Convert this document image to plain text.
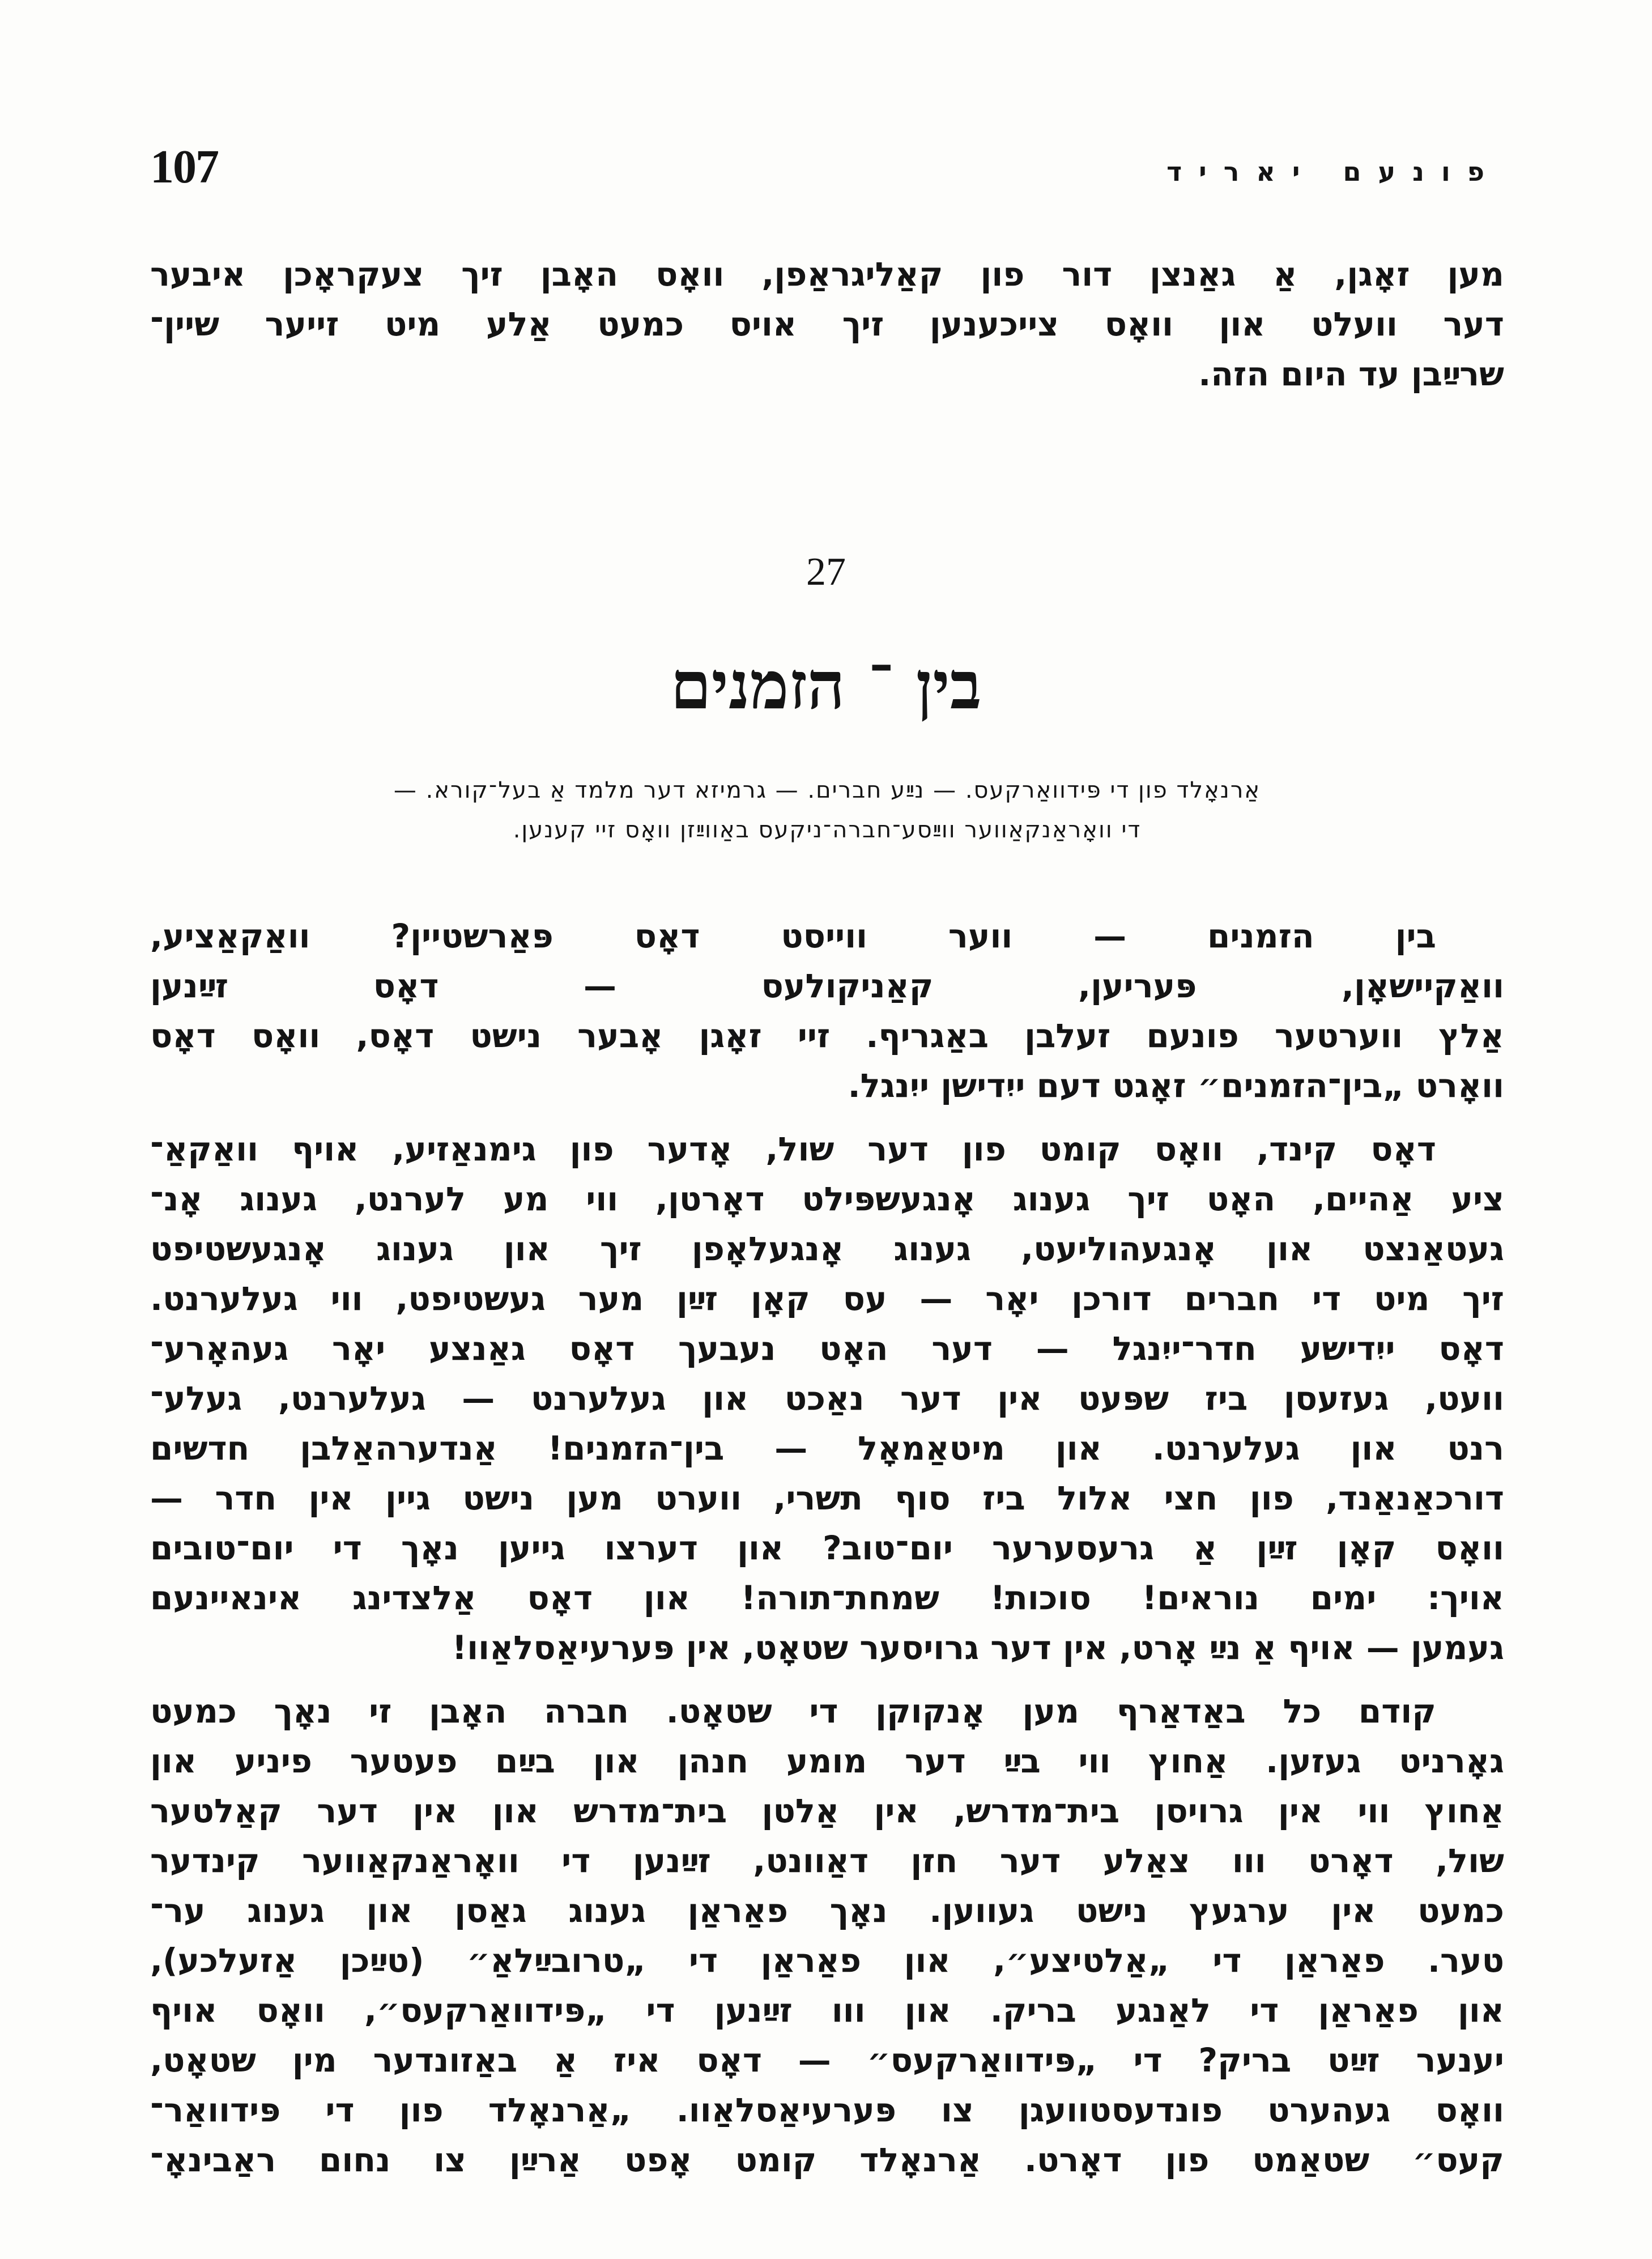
107	פונעם יאריד
מען זאָגן, אַ גאַנצן דור פון קאַליגראַפן, וואָס האָבן זיך צעקראָכן איבער
דער וועלט און וואָס צייכענען זיך אויס כמעט אַלע מיט זייער שיין־
שרײַבן עד היום הזה.
27
בין ־ הזמנים
אַרנאָלד פון די פּידוואַרקעס. — נײַע חברים. — גרמיזא דער מלמד אַ בעל־קורא. —
די וואָראַנקאַווער ווײַסע־חברה־ניקעס באַווײַזן וואָס זיי קענען.
בין הזמנים — ווער ווייסט דאָס פּאַרשטיין? וואַקאַציע,
וואַקיישאָן, פּעריען, קאַניקולעס — דאָס זײַנען
אַלץ ווערטער פונעם זעלבן באַגריף. זיי זאָגן אָבער נישט דאָס, וואָס דאָס
וואָרט „בין־הזמנים״ זאָגט דעם ייִדישן ייִנגל.
דאָס קינד, וואָס קומט פון דער שול, אָדער פון גימנאַזיע, אויף וואַקאַ־
ציע אַהיים, האָט זיך גענוג אָנגעשפּילט דאָרטן, ווי מע לערנט, גענוג אָנ־
געטאַנצט און אָנגעהוליעט, גענוג אָנגעלאָפן זיך און גענוג אָנגעשטיפט
זיך מיט די חברים דורכן יאָר — עס קאָן זײַן מער געשטיפט, ווי געלערנט.
דאָס ייִדישע חדר־ייִנגל — דער האָט נעבעך דאָס גאַנצע יאָר געהאָרע־
וועט, געזעסן ביז שפּעט אין דער נאַכט און געלערנט — געלערנט, געלע־
רנט און געלערנט. און מיטאַמאָל — בין־הזמנים! אַנדערהאַלבן חדשים
דורכאַנאַנד, פון חצי אלול ביז סוף תשרי, ווערט מען נישט גיין אין חדר —
וואָס קאָן זײַן אַ גרעסערער יום־טוב? און דערצו גייען נאָך די יום־טובים
אויך: ימים נוראים! סוכות! שמחת־תורה! און דאָס אַלצדינג אינאיינעם
געמען — אויף אַ נײַ אָרט, אין דער גרויסער שטאָט, אין פּערעיאַסלאַוו!
קודם כל באַדאַרף מען אָנקוקן די שטאָט. חברה האָבן זי נאָך כמעט
גאָרניט געזען. אַחוץ ווי בײַ דער מומע חנהן און בײַם פעטער פיניע און
אַחוץ ווי אין גרויסן בית־מדרש, אין אַלטן בית־מדרש און אין דער קאַלטער
שול, דאָרט ווו צאַלע דער חזן דאַוונט, זײַנען די וואָראַנקאַווער קינדער
כמעט אין ערגעץ נישט געווען. נאָך פאַראַן גענוג גאַסן און גענוג ער־
טער. פאַראַן די „אַלטיצע״, און פאַראַן די „טרובײַלאַ״ (טײַכן אַזעלכע),
און פאַראַן די לאַנגע בריק. און ווו זײַנען די „פּידוואַרקעס״, וואָס אויף
יענער זײַט בריק? די „פּידוואַרקעס״ — דאָס איז אַ באַזונדער מין שטאָט,
וואָס געהערט פונדעסטוועגן צו פּערעיאַסלאַוו. „אַרנאָלד פון די פּידוואַר־
קעס״ שטאַמט פון דאָרט. אַרנאָלד קומט אָפט אַרײַן צו נחום ראַבינאָ־
